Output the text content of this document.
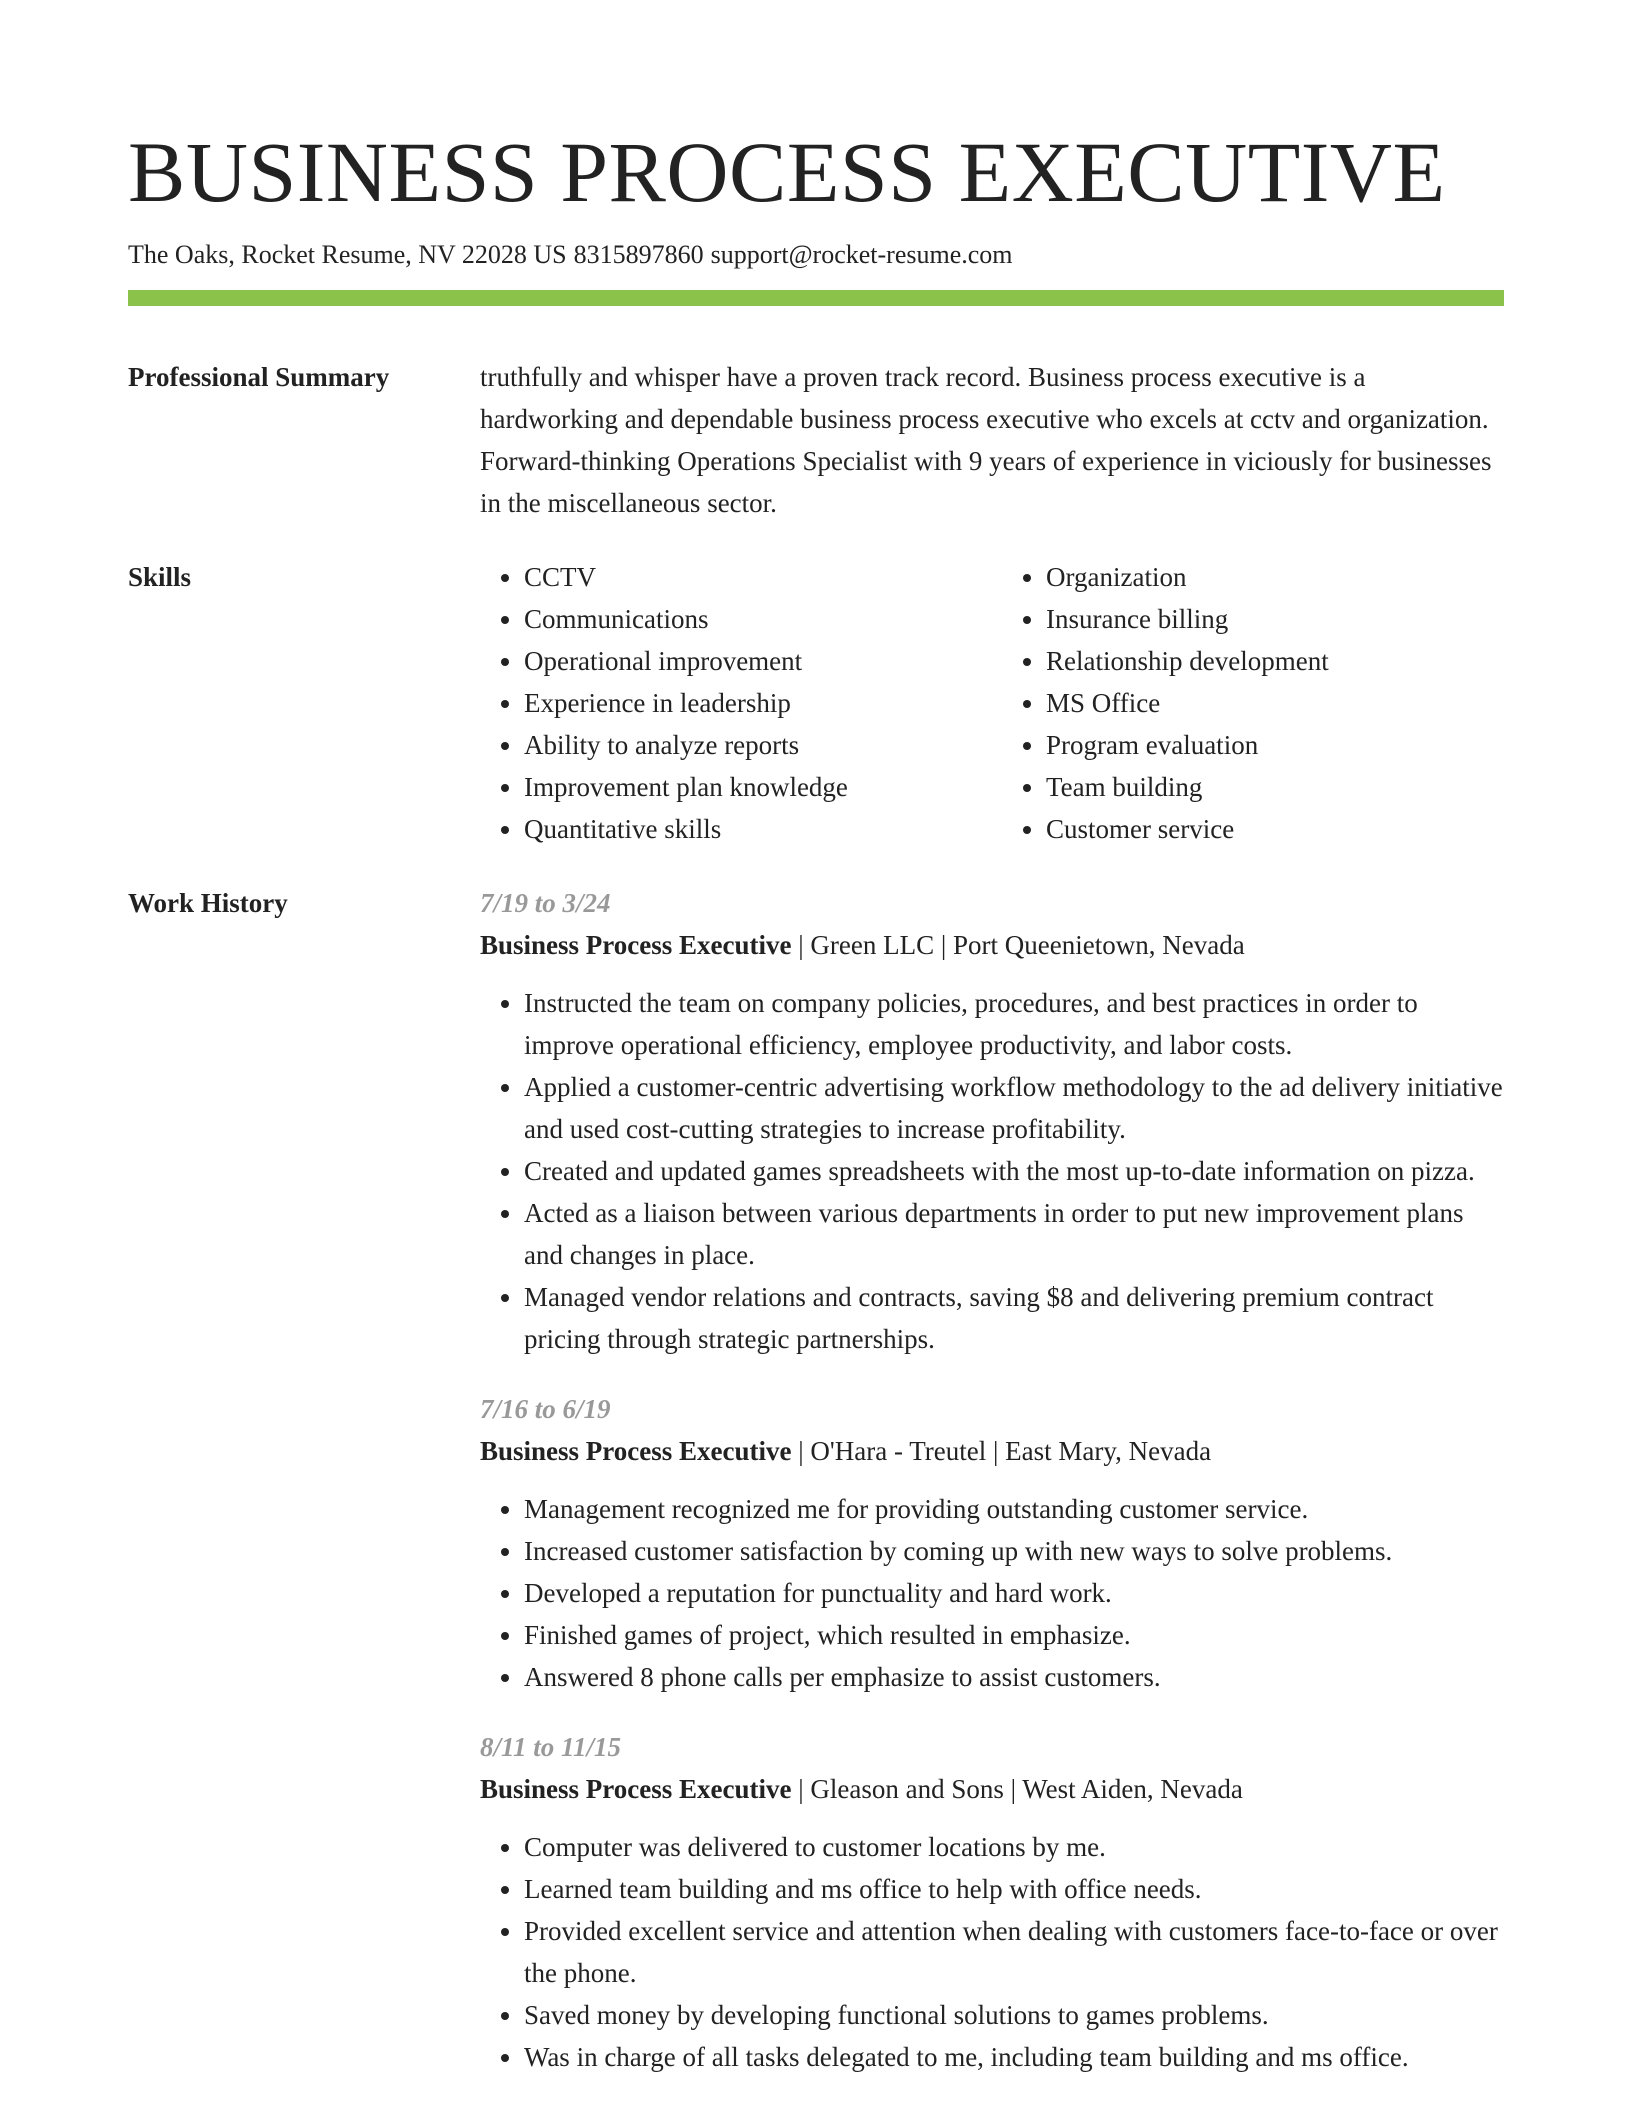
BUSINESS PROCESS EXECUTIVE
The Oaks, Rocket Resume, NV 22028 US 8315897860 support@rocket-resume.com
Professional Summary	truthfully and whisper have a proven track record. Business process executive is a hardworking and dependable business process executive who excels at cctv and organization. Forward-thinking Operations Specialist with 9 years of experience in viciously for businesses in the miscellaneous sector.

Skills
•	CCTV
• Communications
• Operational improvement
• Experience in leadership
• Ability to analyze reports
• Improvement plan knowledge
• Quantitative skills
• Organization
• Insurance billing
• Relationship development
• MS Office
• Program evaluation
• Team building
• Customer service
Work History	7/19 to 3/24
Business Process Executive | Green LLC | Port Queenietown, Nevada
• Instructed the team on company policies, procedures, and best practices in order to improve operational efficiency, employee productivity, and labor costs.
• Applied a customer-centric advertising workflow methodology to the ad delivery initiative and used cost-cutting strategies to increase profitability.
• Created and updated games spreadsheets with the most up-to-date information on pizza.
• Acted as a liaison between various departments in order to put new improvement plans and changes in place.
• Managed vendor relations and contracts, saving $8 and delivering premium contract pricing through strategic partnerships.
7/16 to 6/19
Business Process Executive | O'Hara - Treutel | East Mary, Nevada
• Management recognized me for providing outstanding customer service.
• Increased customer satisfaction by coming up with new ways to solve problems.
• Developed a reputation for punctuality and hard work.
• Finished games of project, which resulted in emphasize.
• Answered 8 phone calls per emphasize to assist customers.
8/11 to 11/15
Business Process Executive | Gleason and Sons | West Aiden, Nevada
• Computer was delivered to customer locations by me.
• Learned team building and ms office to help with office needs.
• Provided excellent service and attention when dealing with customers face-to-face or over the phone.
• Saved money by developing functional solutions to games problems.
• Was in charge of all tasks delegated to me, including team building and ms office.
